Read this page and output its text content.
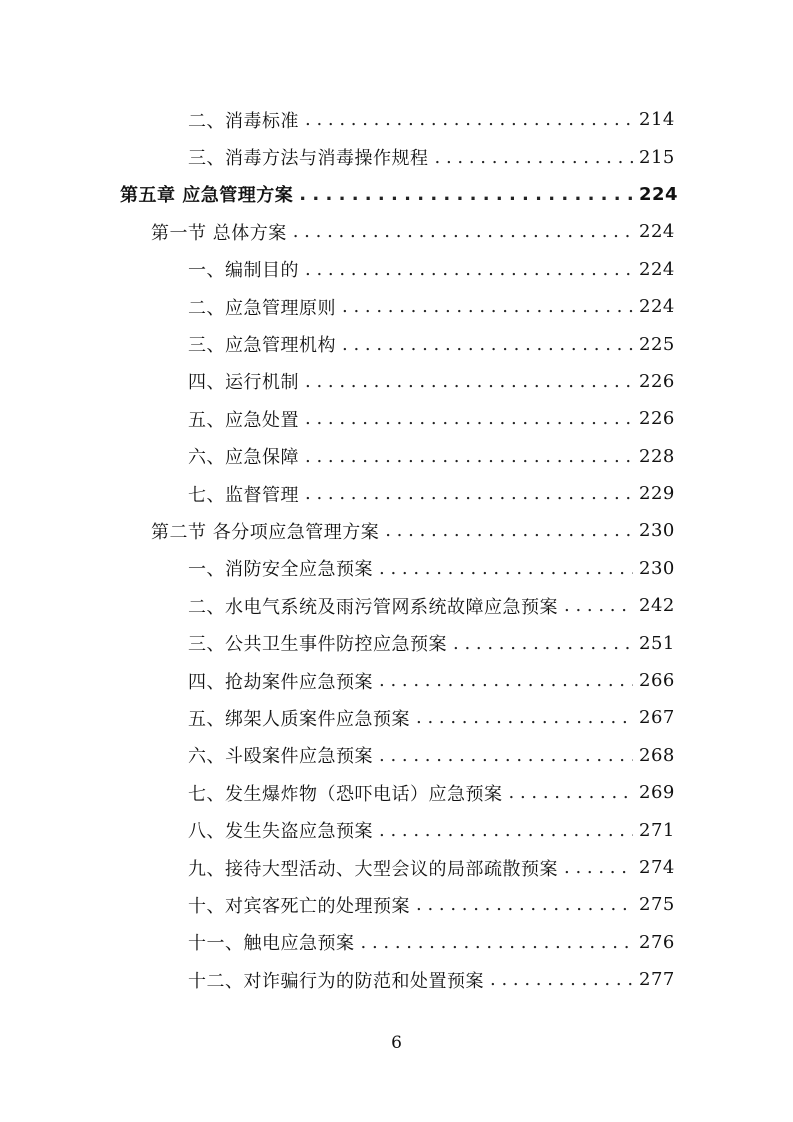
二、消毒标准 . . .	214
三、消毒方法与消毒操作规程 . . .	215
第五章 应急管理方案 . . .	224
第一节 总体方案 . . .	224
一、编制目的 . . .	224
二、应急管理原则 . . .	224
三、应急管理机构 . . .	225
四、运行机制 . . .	226
五、应急处置 . . .	226
六、应急保障 . . .	228
七、监督管理 . . .	229
第二节 各分项应急管理方案 . . .	230
一、消防安全应急预案 . . .	230
二、水电气系统及雨污管网系统故障应急预案 . . .	242
三、公共卫生事件防控应急预案 . . .	251
四、抢劫案件应急预案 . . .	266
五、绑架人质案件应急预案 . . .	267
六、斗殴案件应急预案 . . .	268
七、发生爆炸物（恐吓电话）应急预案 . . .	269
八、发生失盗应急预案 . . .	271
九、接待大型活动、大型会议的局部疏散预案 . . .	274
十、对宾客死亡的处理预案 . . .	275
十一、触电应急预案 . . .	276
十二、对诈骗行为的防范和处置预案 . . .	277
6
